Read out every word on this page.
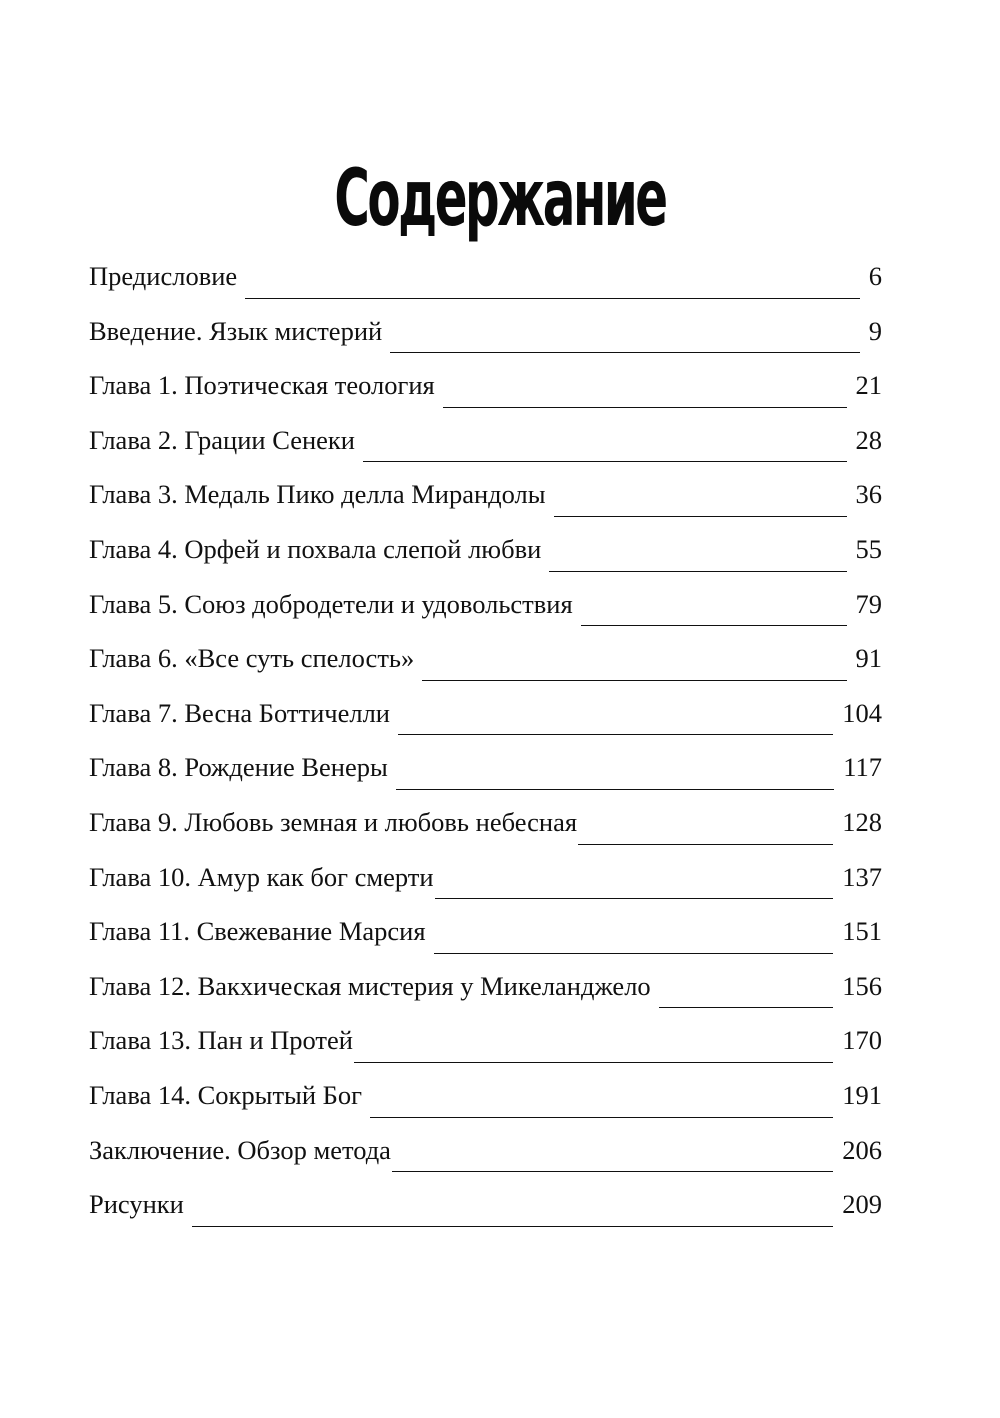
Содержание
Предисловие	6
Введение. Язык мистерий	9
Глава 1. Поэтическая теология	21
Глава 2. Грации Сенеки	28
Глава 3. Медаль Пико делла Мирандолы	36
Глава 4. Орфей и похвала слепой любви	55
Глава 5. Союз добродетели и удовольствия	79
Глава 6. «Все суть спелость»	91
Глава 7. Весна Боттичелли	104
Глава 8. Рождение Венеры	117
Глава 9. Любовь земная и любовь небесная	128
Глава 10. Амур как бог смерти	137
Глава 11. Свежевание Марсия	151
Глава 12. Вакхическая мистерия у Микеланджело	156
Глава 13. Пан и Протей	170
Глава 14. Сокрытый Бог	191
Заключение. Обзор метода	206
Рисунки	209
